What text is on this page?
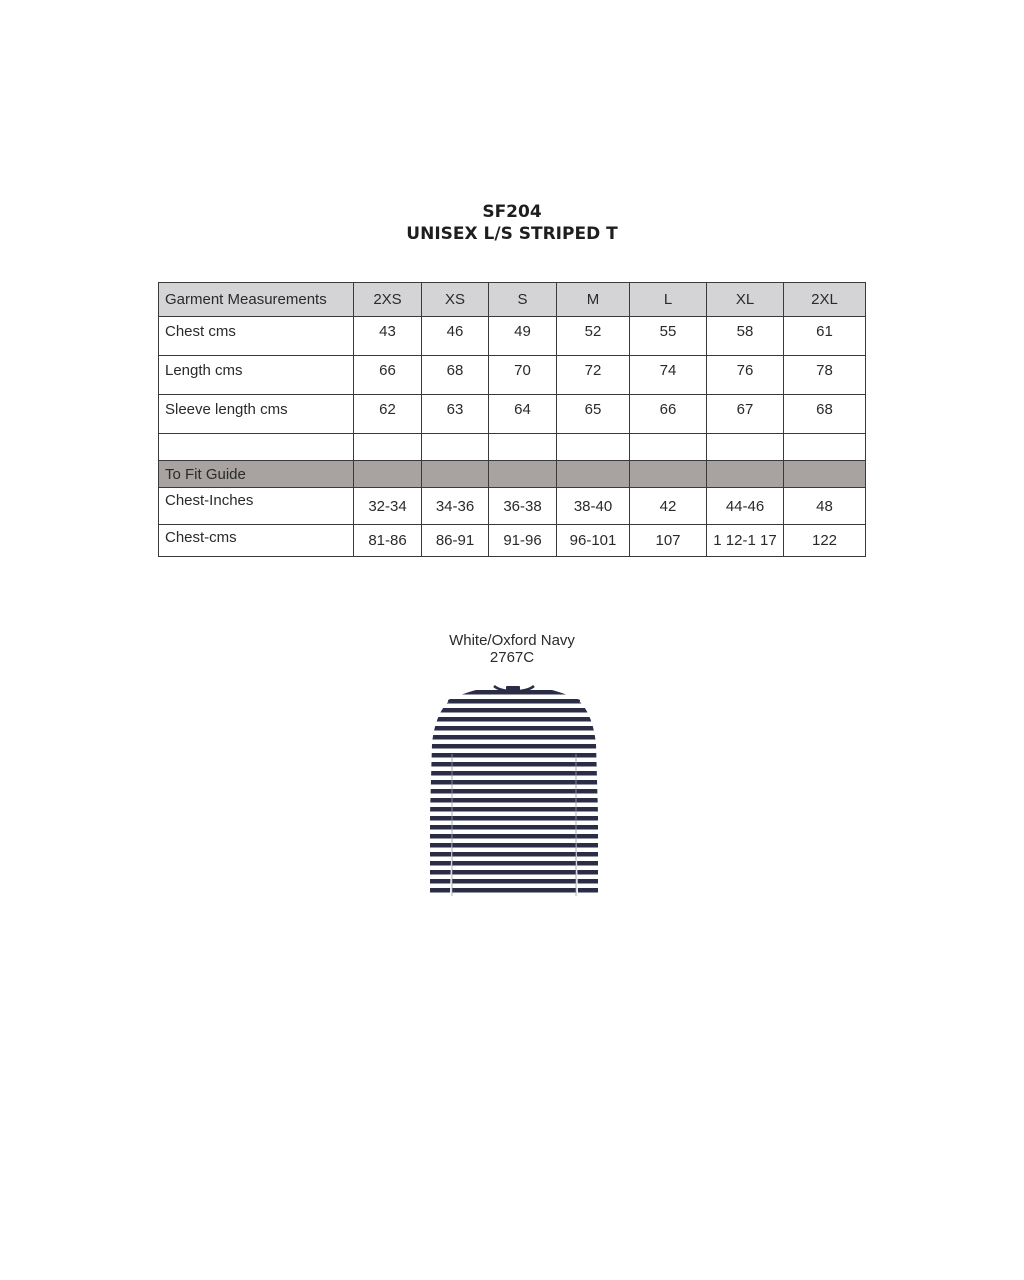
SF204
UNISEX L/S STRIPED T
Garment Measurements	2XS	XS	S	M	L	XL	2XL
Chest cms	43	46	49	52	55	58	61
Length cms	66	68	70	72	74	76	78
Sleeve length cms	62	63	64	65	66	67	68

To Fit Guide							
Chest-Inches	32-34	34-36	36-38	38-40	42	44-46	48
Chest-cms	81-86	86-91	91-96	96-101	107	1 12-1 17	122
White/Oxford Navy
2767C
